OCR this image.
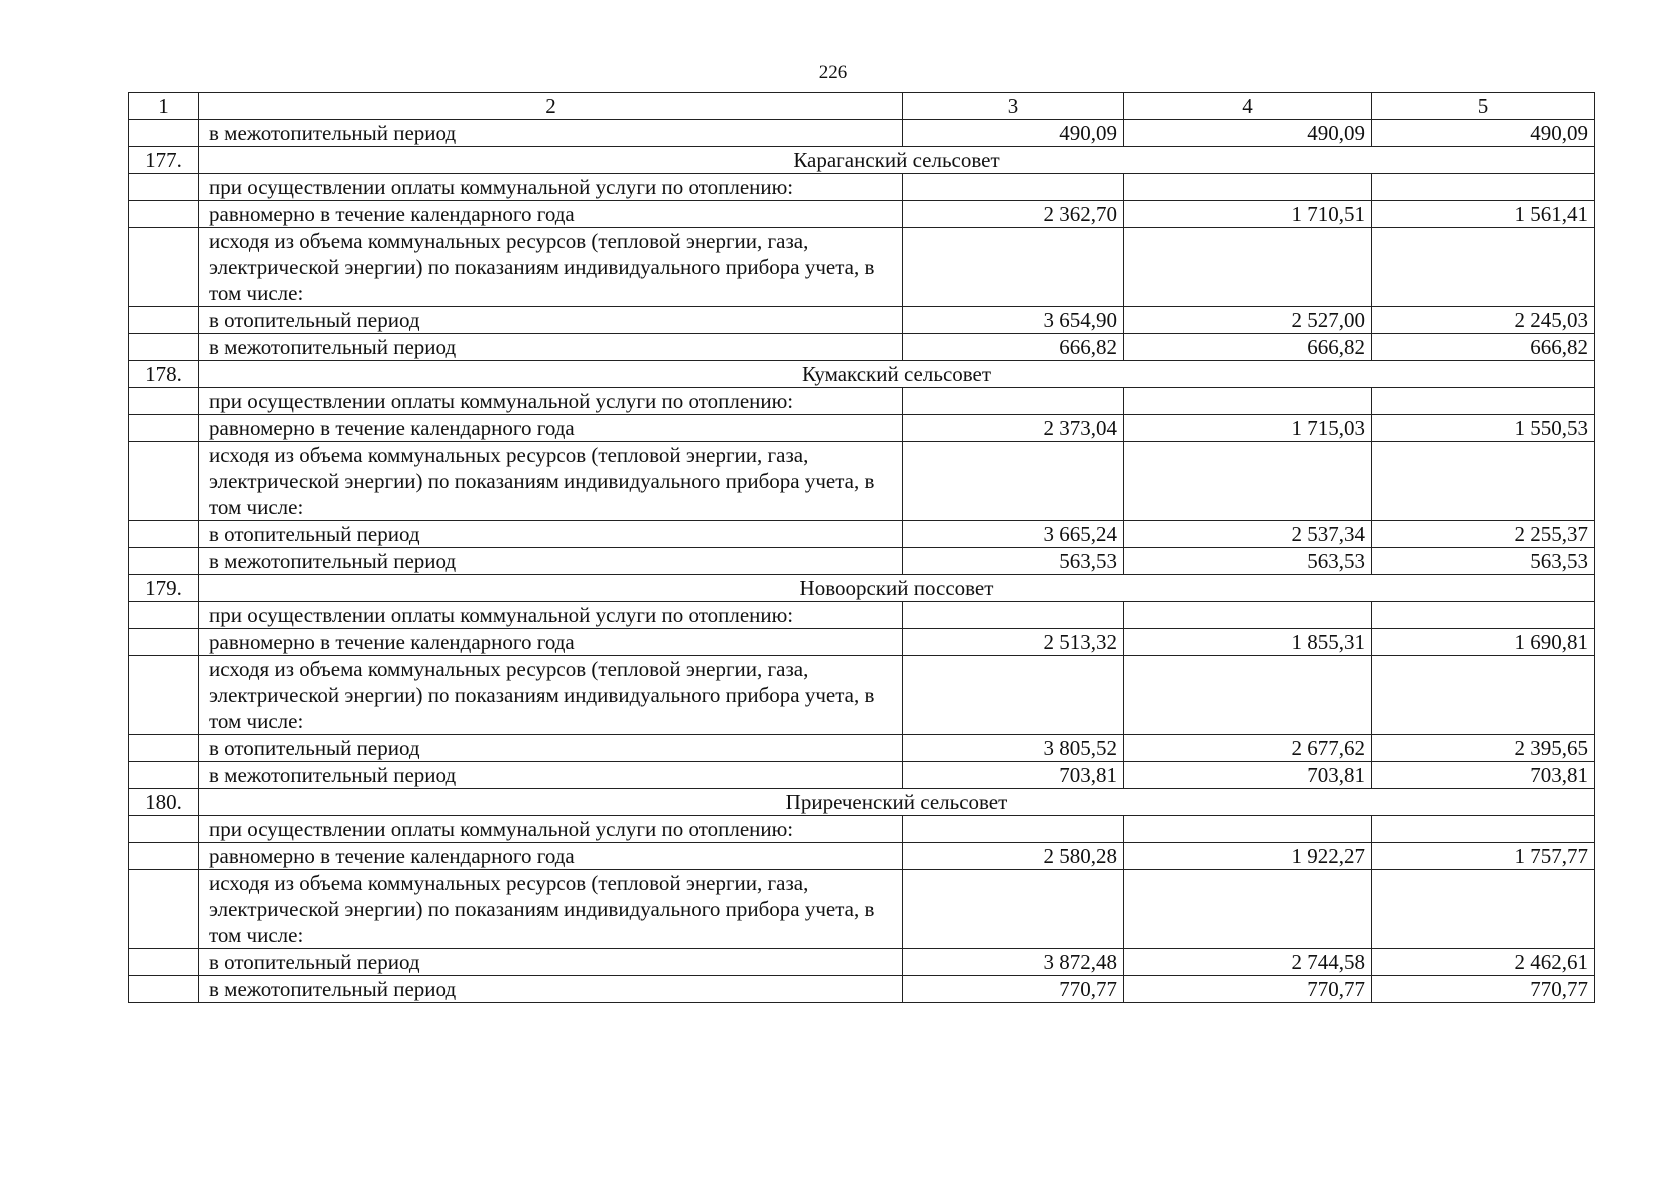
226
1	2	3	4	5
	в межотопительный период	490,09	490,09	490,09
177.	Караганский сельсовет			
	при осуществлении оплаты коммунальной услуги по отоплению:			
	равномерно в течение календарного года	2 362,70	1 710,51	1 561,41
	исходя из объема коммунальных ресурсов (тепловой энергии, газа, электрической энергии) по показаниям индивидуального прибора учета, в том числе:			
	в отопительный период	3 654,90	2 527,00	2 245,03
	в межотопительный период	666,82	666,82	666,82
178.	Кумакский сельсовет			
	при осуществлении оплаты коммунальной услуги по отоплению:			
	равномерно в течение календарного года	2 373,04	1 715,03	1 550,53
	исходя из объема коммунальных ресурсов (тепловой энергии, газа, электрической энергии) по показаниям индивидуального прибора учета, в том числе:			
	в отопительный период	3 665,24	2 537,34	2 255,37
	в межотопительный период	563,53	563,53	563,53
179.	Новоорский поссовет			
	при осуществлении оплаты коммунальной услуги по отоплению:			
	равномерно в течение календарного года	2 513,32	1 855,31	1 690,81
	исходя из объема коммунальных ресурсов (тепловой энергии, газа, электрической энергии) по показаниям индивидуального прибора учета, в том числе:			
	в отопительный период	3 805,52	2 677,62	2 395,65
	в межотопительный период	703,81	703,81	703,81
180.	Приреченский сельсовет			
	при осуществлении оплаты коммунальной услуги по отоплению:			
	равномерно в течение календарного года	2 580,28	1 922,27	1 757,77
	исходя из объема коммунальных ресурсов (тепловой энергии, газа, электрической энергии) по показаниям индивидуального прибора учета, в том числе:			
	в отопительный период	3 872,48	2 744,58	2 462,61
	в межотопительный период	770,77	770,77	770,77
